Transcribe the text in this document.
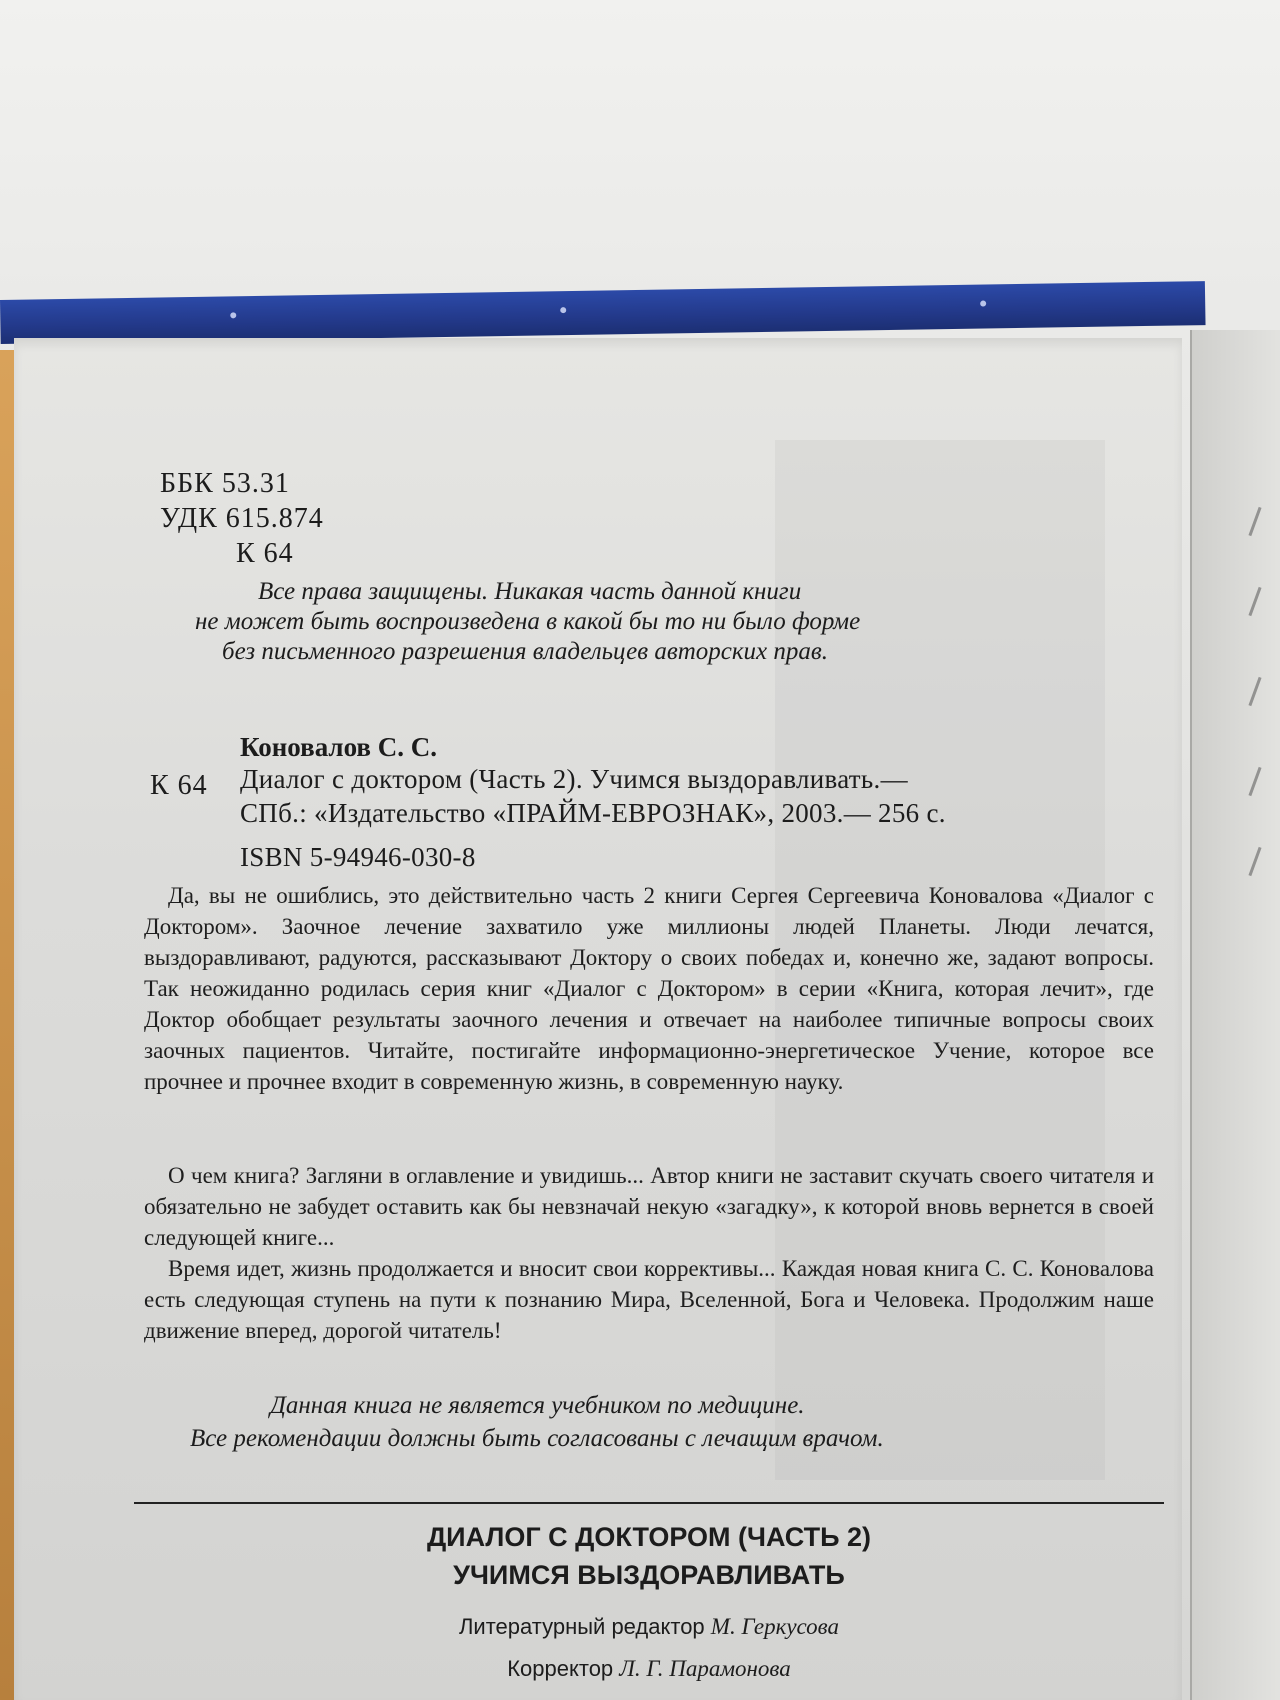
ББК 53.31

УДК 615.874

К 64

Все права защищены. Никакая часть данной книги

не может быть воспроизведена в какой бы то ни было форме

без письменного разрешения владельцев авторских прав.

Коновалов С. С.

К 64 Диалог с доктором (Часть 2). Учимся выздоравливать.—

СПб.: «Издательство «ПРАЙМ-ЕВРОЗНАК», 2003.— 256 с.

ISBN 5-94946-030-8

Да, вы не ошиблись, это действительно часть 2 книги Сергея Сергеевича Коновалова «Диалог с Доктором». Заочное лечение захватило уже миллионы людей Планеты. Люди лечатся, выздоравливают, радуются, рассказывают Доктору о своих победах и, конечно же, задают вопросы. Так неожиданно родилась серия книг «Диалог с Доктором» в серии «Книга, которая лечит», где Доктор обобщает результаты заочного лечения и отвечает на наиболее типичные вопросы своих заочных пациентов. Читайте, постигайте информационно-энергетическое Учение, которое все прочнее и прочнее входит в современную жизнь, в современную науку.

О чем книга? Загляни в оглавление и увидишь... Автор книги не заставит скучать своего читателя и обязательно не забудет оставить как бы невзначай некую «загадку», к которой вновь вернется в своей следующей книге...

Время идет, жизнь продолжается и вносит свои коррективы... Каждая новая книга С. С. Коновалова есть следующая ступень на пути к познанию Мира, Вселенной, Бога и Человека. Продолжим наше движение вперед, дорогой читатель!

Данная книга не является учебником по медицине.

Все рекомендации должны быть согласованы с лечащим врачом.

ДИАЛОГ С ДОКТОРОМ (ЧАСТЬ 2)

УЧИМСЯ ВЫЗДОРАВЛИВАТЬ

Литературный редактор М. Геркусова

Корректор Л. Г. Парамонова
